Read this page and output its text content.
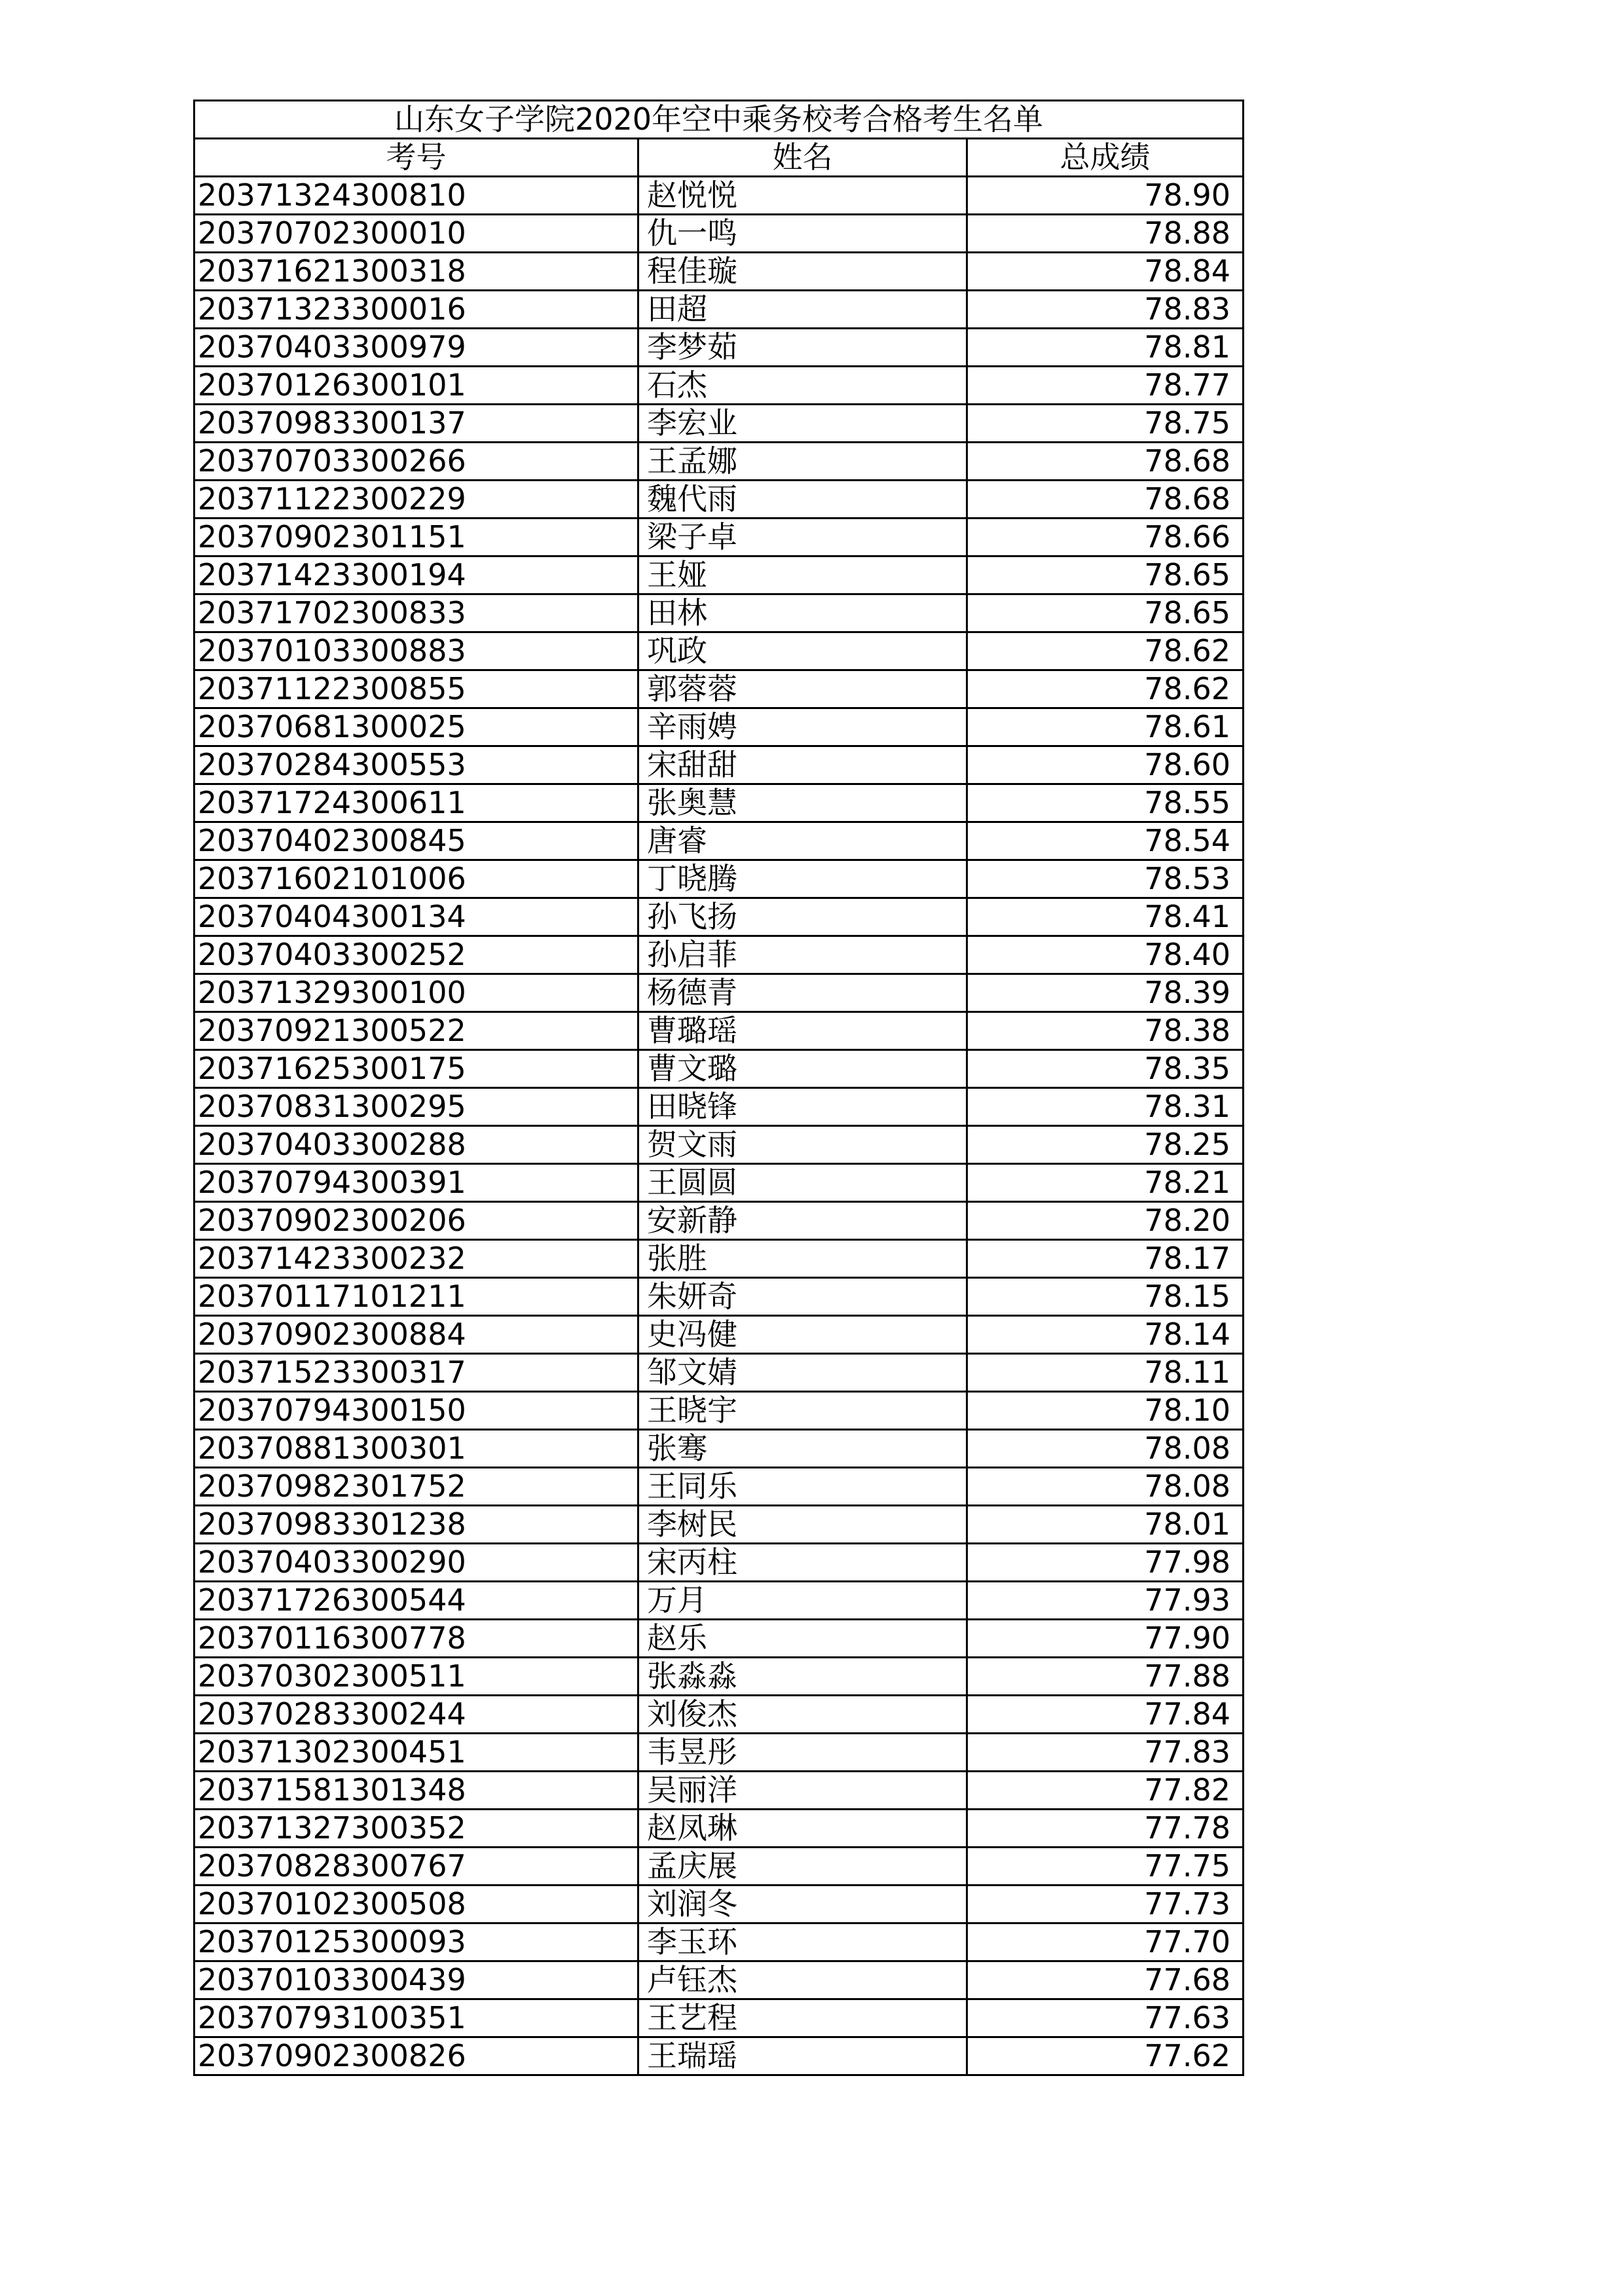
山东女子学院2020年空中乘务校考合格考生名单		
考号	姓名	总成绩
20371324300810	赵悦悦	78.90
20370702300010	仇一鸣	78.88
20371621300318	程佳璇	78.84
20371323300016	田超	78.83
20370403300979	李梦茹	78.81
20370126300101	石杰	78.77
20370983300137	李宏业	78.75
20370703300266	王孟娜	78.68
20371122300229	魏代雨	78.68
20370902301151	梁子卓	78.66
20371423300194	王娅	78.65
20371702300833	田林	78.65
20370103300883	巩政	78.62
20371122300855	郭蓉蓉	78.62
20370681300025	辛雨娉	78.61
20370284300553	宋甜甜	78.60
20371724300611	张奥慧	78.55
20370402300845	唐睿	78.54
20371602101006	丁晓腾	78.53
20370404300134	孙飞扬	78.41
20370403300252	孙启菲	78.40
20371329300100	杨德青	78.39
20370921300522	曹璐瑶	78.38
20371625300175	曹文璐	78.35
20370831300295	田晓锋	78.31
20370403300288	贺文雨	78.25
20370794300391	王圆圆	78.21
20370902300206	安新静	78.20
20371423300232	张胜	78.17
20370117101211	朱妍奇	78.15
20370902300884	史冯健	78.14
20371523300317	邹文婧	78.11
20370794300150	王晓宇	78.10
20370881300301	张骞	78.08
20370982301752	王同乐	78.08
20370983301238	李树民	78.01
20370403300290	宋丙柱	77.98
20371726300544	万月	77.93
20370116300778	赵乐	77.90
20370302300511	张淼淼	77.88
20370283300244	刘俊杰	77.84
20371302300451	韦昱彤	77.83
20371581301348	吴丽洋	77.82
20371327300352	赵凤琳	77.78
20370828300767	孟庆展	77.75
20370102300508	刘润冬	77.73
20370125300093	李玉环	77.70
20370103300439	卢钰杰	77.68
20370793100351	王艺程	77.63
20370902300826	王瑞瑶	77.62
